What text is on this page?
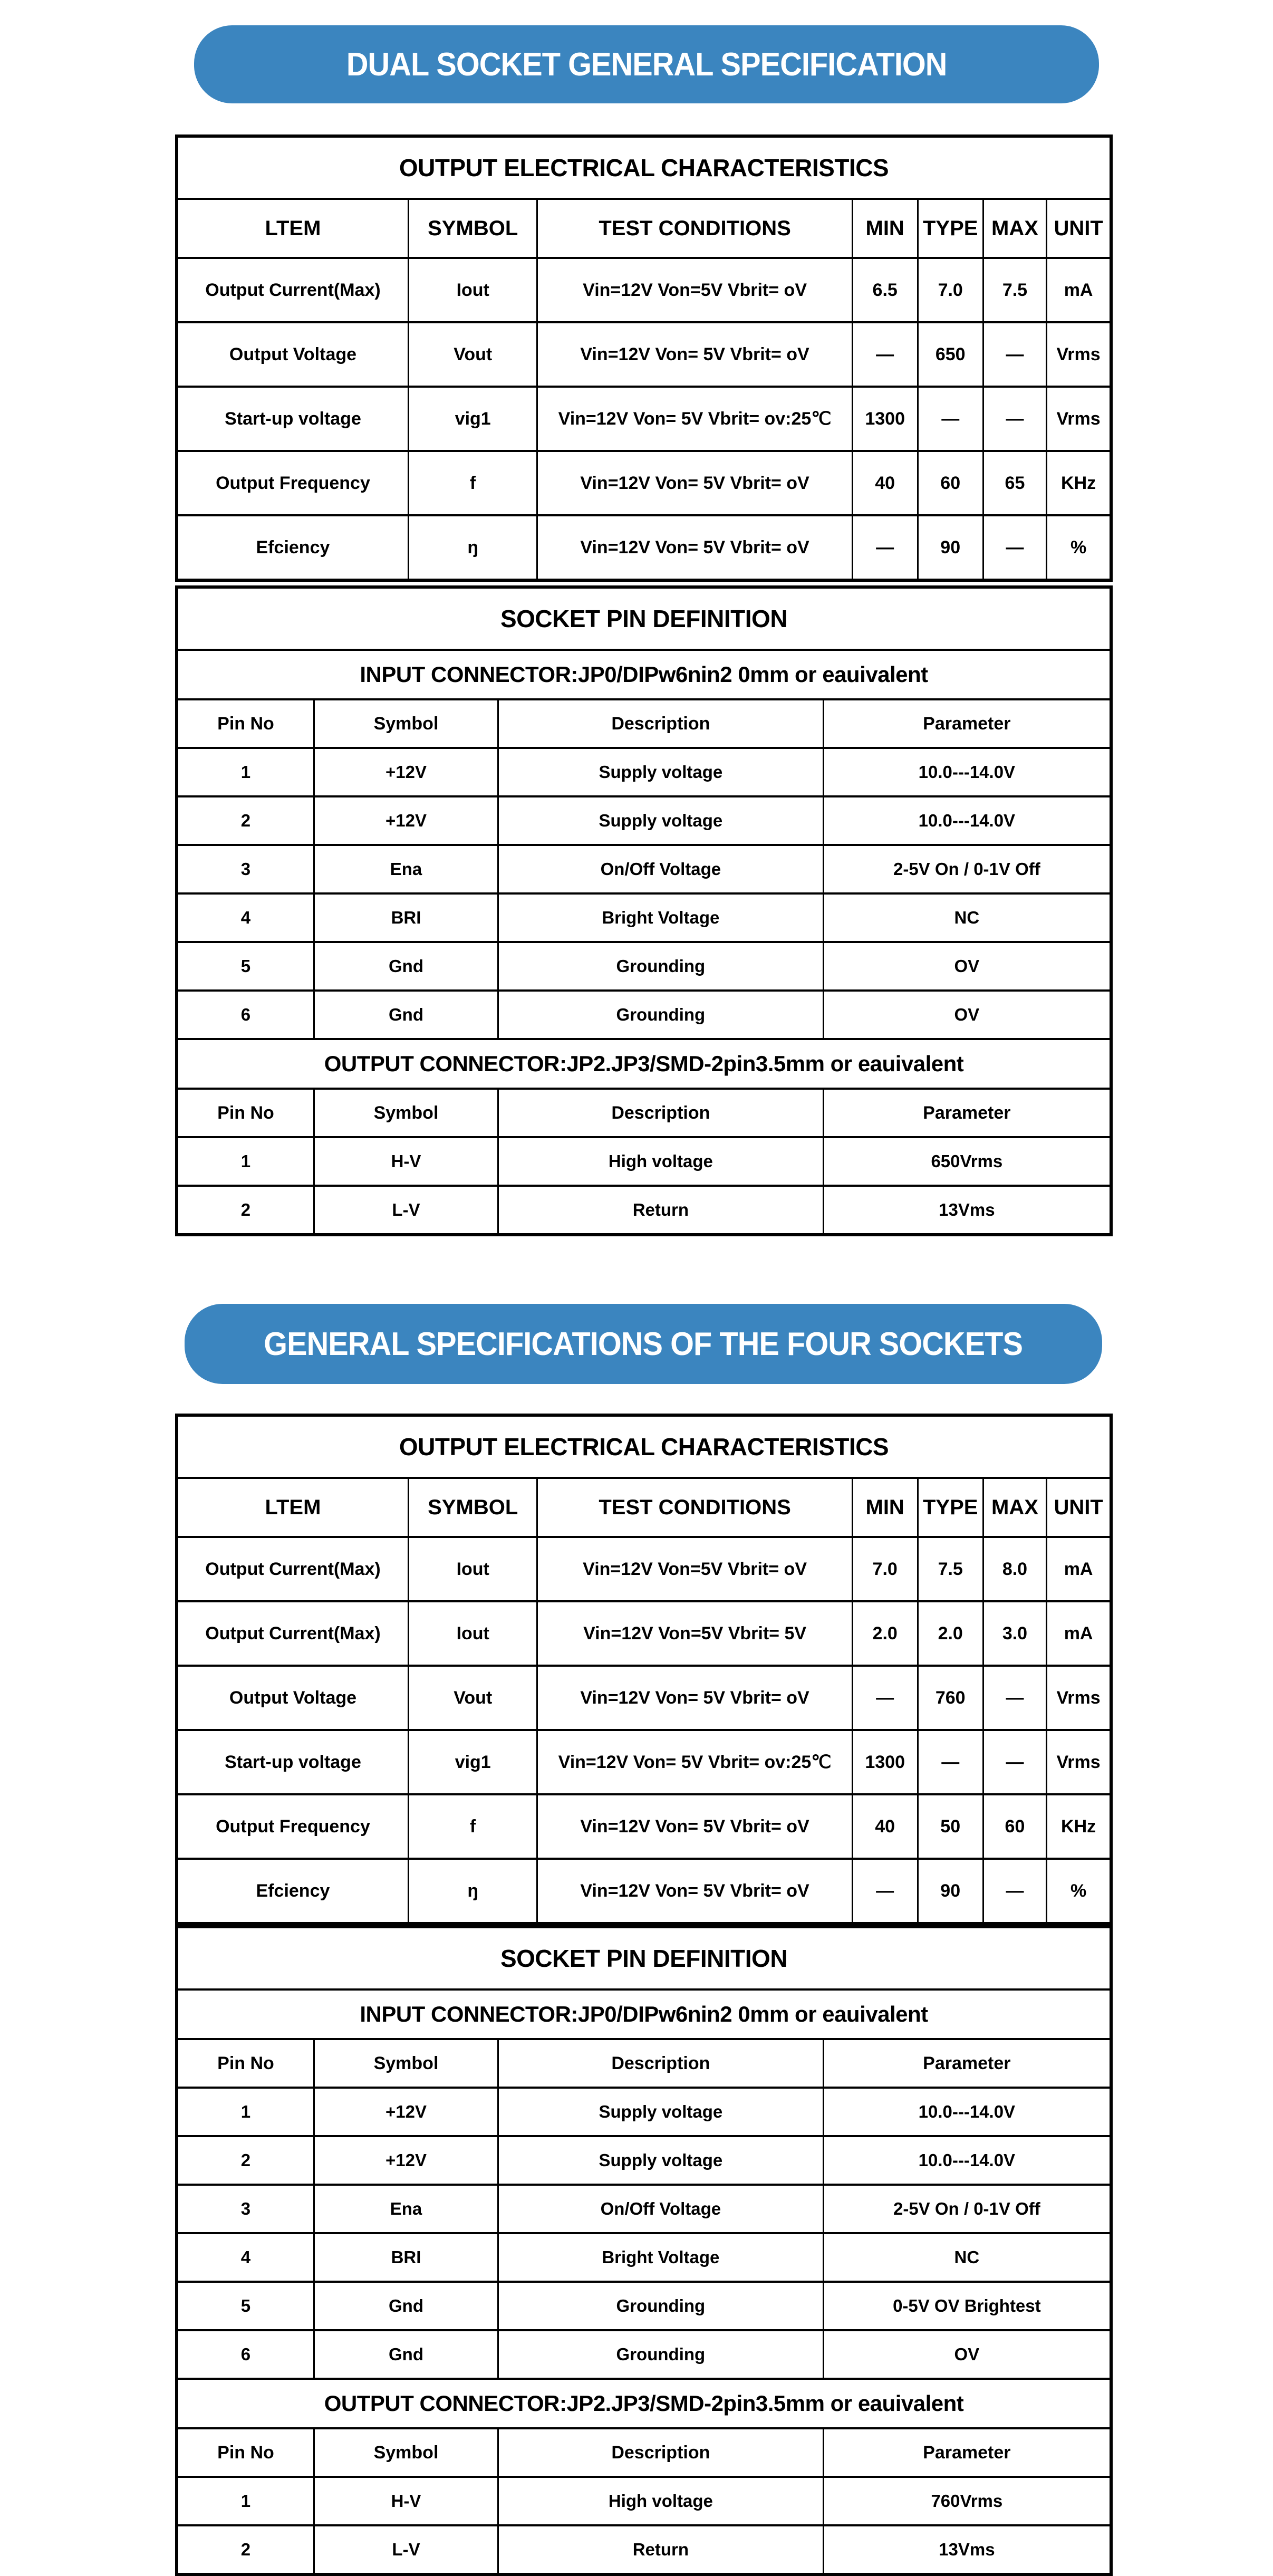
DUAL SOCKET GENERAL SPECIFICATION
OUTPUT ELECTRICAL CHARACTERISTICS						
LTEM	SYMBOL	TEST CONDITIONS	MIN	TYPE	MAX	UNIT
Output Current(Max)	Iout	Vin=12V Von=5V Vbrit= oV	6.5	7.0	7.5	mA
Output Voltage	Vout	Vin=12V Von= 5V Vbrit= oV	—	650	—	Vrms
Start-up voltage	vig1	Vin=12V Von= 5V Vbrit= ov:25℃	1300	—	—	Vrms
Output Frequency	f	Vin=12V Von= 5V Vbrit= oV	40	60	65	KHz
Efciency	ŋ	Vin=12V Von= 5V Vbrit= oV	—	90	—	%
SOCKET PIN DEFINITION			
INPUT CONNECTOR:JP0/DIPw6nin2 0mm or eauivalent			
Pin No	Symbol	Description	Parameter
1	+12V	Supply voltage	10.0---14.0V
2	+12V	Supply voltage	10.0---14.0V
3	Ena	On/Off Voltage	2-5V On / 0-1V Off
4	BRI	Bright Voltage	NC
5	Gnd	Grounding	OV
6	Gnd	Grounding	OV
OUTPUT CONNECTOR:JP2.JP3/SMD-2pin3.5mm or eauivalent			
Pin No	Symbol	Description	Parameter
1	H-V	High voltage	650Vrms
2	L-V	Return	13Vms
GENERAL SPECIFICATIONS OF THE FOUR SOCKETS
OUTPUT ELECTRICAL CHARACTERISTICS						
LTEM	SYMBOL	TEST CONDITIONS	MIN	TYPE	MAX	UNIT
Output Current(Max)	Iout	Vin=12V Von=5V Vbrit= oV	7.0	7.5	8.0	mA
Output Current(Max)	Iout	Vin=12V Von=5V Vbrit= 5V	2.0	2.0	3.0	mA
Output Voltage	Vout	Vin=12V Von= 5V Vbrit= oV	—	760	—	Vrms
Start-up voltage	vig1	Vin=12V Von= 5V Vbrit= ov:25℃	1300	—	—	Vrms
Output Frequency	f	Vin=12V Von= 5V Vbrit= oV	40	50	60	KHz
Efciency	ŋ	Vin=12V Von= 5V Vbrit= oV	—	90	—	%
SOCKET PIN DEFINITION			
INPUT CONNECTOR:JP0/DIPw6nin2 0mm or eauivalent			
Pin No	Symbol	Description	Parameter
1	+12V	Supply voltage	10.0---14.0V
2	+12V	Supply voltage	10.0---14.0V
3	Ena	On/Off Voltage	2-5V On / 0-1V Off
4	BRI	Bright Voltage	NC
5	Gnd	Grounding	0-5V OV Brightest
6	Gnd	Grounding	OV
OUTPUT CONNECTOR:JP2.JP3/SMD-2pin3.5mm or eauivalent			
Pin No	Symbol	Description	Parameter
1	H-V	High voltage	760Vrms
2	L-V	Return	13Vms
